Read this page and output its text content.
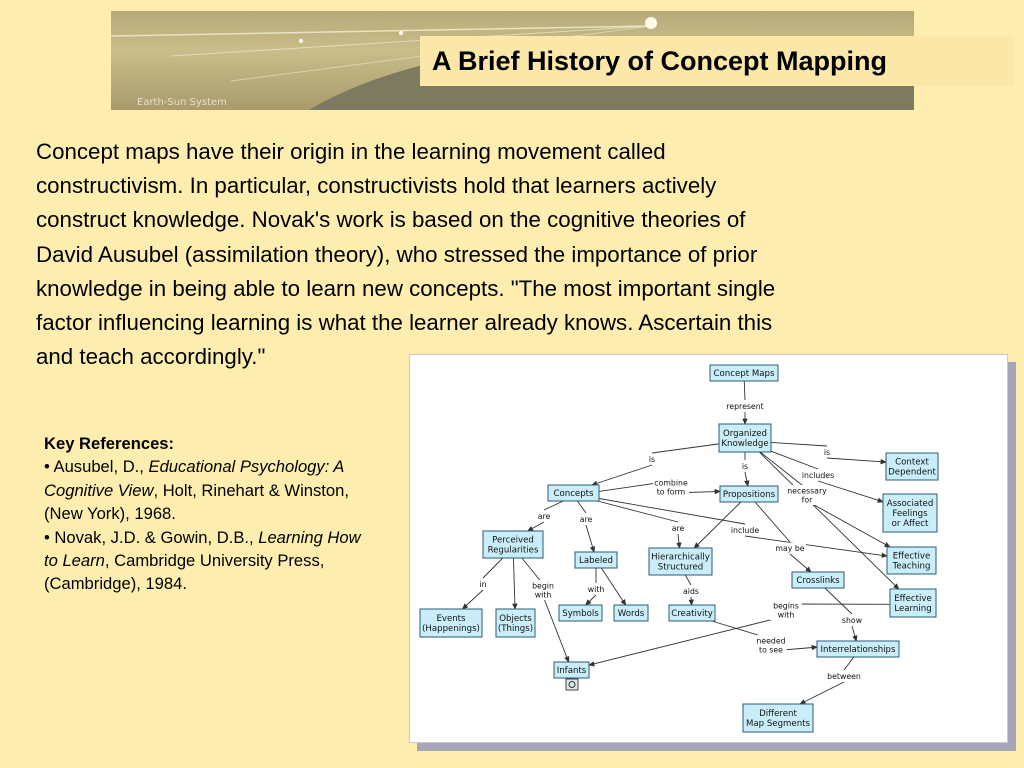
Earth-Sun System
A Brief History of Concept Mapping
Concept maps have their origin in the learning movement called
constructivism. In particular, constructivists hold that learners actively
construct knowledge. Novak's work is based on the cognitive theories of
David Ausubel (assimilation theory), who stressed the importance of prior
knowledge in being able to learn new concepts. "The most important single
factor influencing learning is what the learner already knows. Ascertain this
and teach accordingly."
Key References:
• Ausubel, D., Educational Psychology: A Cognitive View, Holt, Rinehart & Winston, (New York), 1968.
• Novak, J.D. & Gowin, D.B., Learning How to Learn, Cambridge University Press, (Cambridge), 1984.
represent
is
is
is
includes
combine to form	necessary for
are	are
are	include
in	begin with
with
may be
aids
begins with
show
needed to see
between
Concept Maps
Organized Knowledge
Context Dependent
Concepts	Propositions
Associated Feelings or Affect
Perceived Regularities
Labeled	Hierarchically Structured
Effective Teaching
Crosslinks
Effective Learning
Events (Happenings)
Objects (Things)
Symbols Words	Creativity
Interrelationships
Infants
Different Map Segments
